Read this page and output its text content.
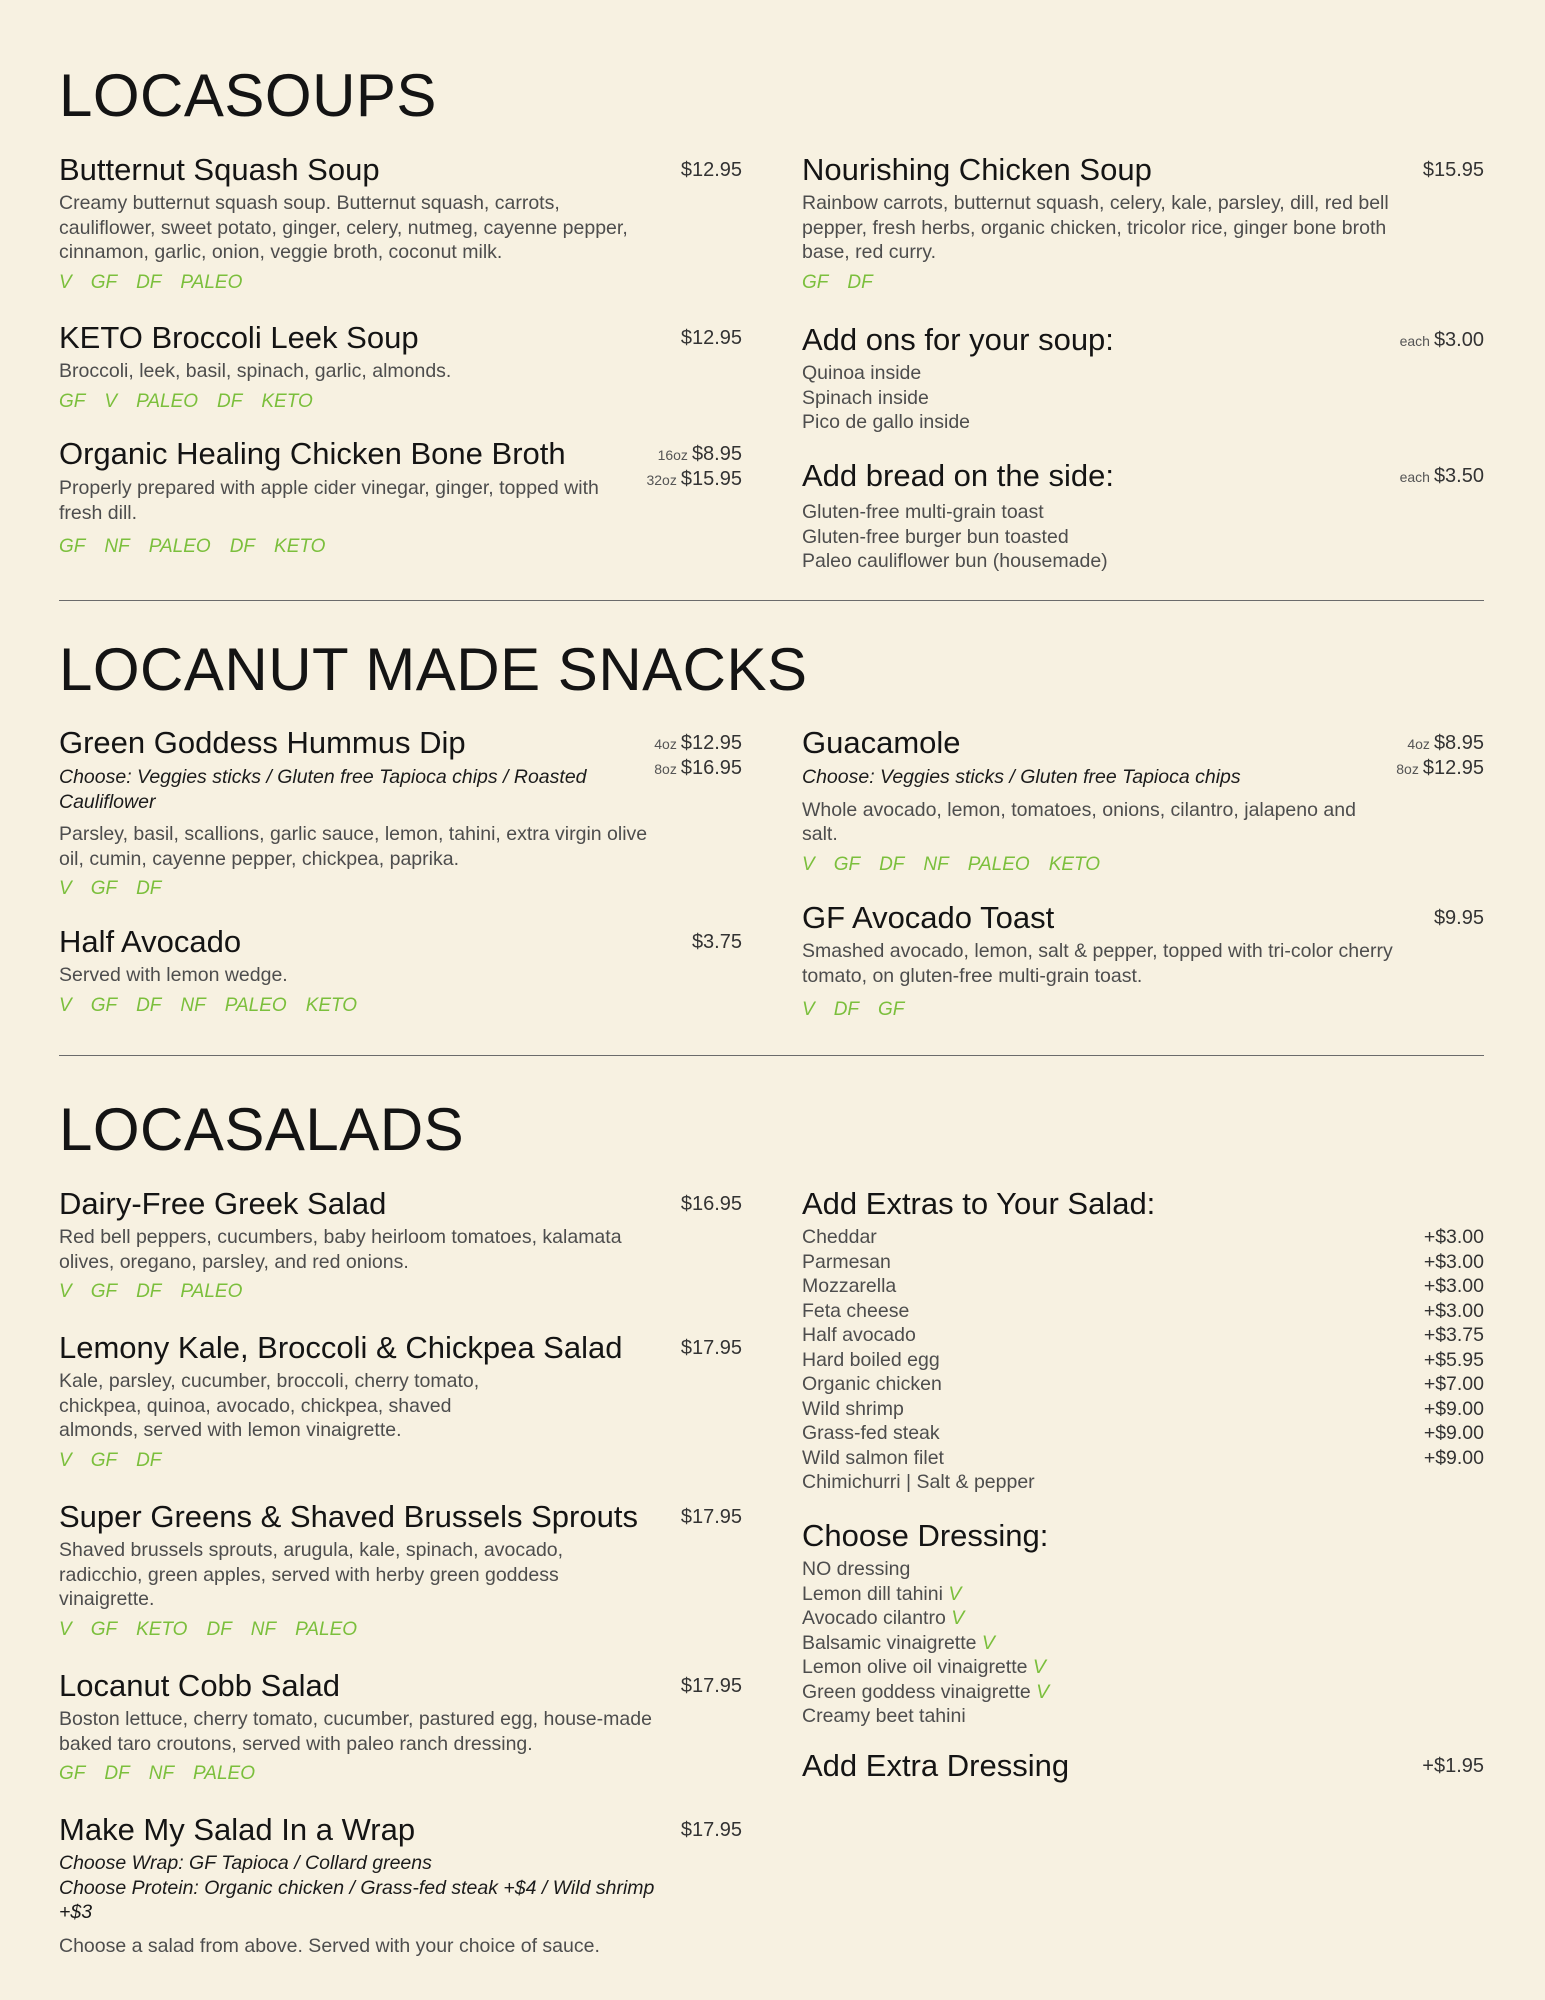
LOCASOUPS
Butternut Squash Soup	$12.95

Creamy butternut squash soup. Butternut squash, carrots, cauliflower, sweet potato, ginger, celery, nutmeg, cayenne pepper, cinnamon, garlic, onion, veggie broth, coconut milk.

V GF DF PALEO
KETO Broccoli Leek Soup	$12.95

Broccoli, leek, basil, spinach, garlic, almonds.

GF V PALEO DF KETO
Organic Healing Chicken Bone Broth	16oz $8.95
32oz $15.95

Properly prepared with apple cider vinegar, ginger, topped with fresh dill.

GF NF PALEO DF KETO
Nourishing Chicken Soup	$15.95

Rainbow carrots, butternut squash, celery, kale, parsley, dill, red bell pepper, fresh herbs, organic chicken, tricolor rice, ginger bone broth base, red curry.

GF DF
Add ons for your soup:	each $3.00
Quinoa inside
Spinach inside
Pico de gallo inside
Add bread on the side:	each $3.50
Gluten-free multi-grain toast
Gluten-free burger bun toasted
Paleo cauliflower bun (housemade)
LOCANUT MADE SNACKS
Green Goddess Hummus Dip	4oz $12.95
8oz $16.95

Choose: Veggies sticks / Gluten free Tapioca chips / Roasted Cauliflower

Parsley, basil, scallions, garlic sauce, lemon, tahini, extra virgin olive oil, cumin, cayenne pepper, chickpea, paprika.

V GF DF
Half Avocado	$3.75

Served with lemon wedge.

V GF DF NF PALEO KETO
Guacamole	4oz $8.95
8oz $12.95

Choose: Veggies sticks / Gluten free Tapioca chips

Whole avocado, lemon, tomatoes, onions, cilantro, jalapeno and salt.

V GF DF NF PALEO KETO
GF Avocado Toast	$9.95

Smashed avocado, lemon, salt & pepper, topped with tri-color cherry tomato, on gluten-free multi-grain toast.

V DF GF
LOCASALADS
Dairy-Free Greek Salad	$16.95

Red bell peppers, cucumbers, baby heirloom tomatoes, kalamata olives, oregano, parsley, and red onions.

V GF DF PALEO
Lemony Kale, Broccoli & Chickpea Salad	$17.95

Kale, parsley, cucumber, broccoli, cherry tomato, chickpea, quinoa, avocado, chickpea, shaved almonds, served with lemon vinaigrette.

V GF DF
Super Greens & Shaved Brussels Sprouts $17.95

Shaved brussels sprouts, arugula, kale, spinach, avocado, radicchio, green apples, served with herby green goddess vinaigrette.

V GF KETO DF NF PALEO
Locanut Cobb Salad	$17.95

Boston lettuce, cherry tomato, cucumber, pastured egg, house-made baked taro croutons, served with paleo ranch dressing.

GF DF NF PALEO
Make My Salad In a Wrap	$17.95

Choose Wrap: GF Tapioca / Collard greens

Choose Protein: Organic chicken / Grass-fed steak +$4 / Wild shrimp +$3

Choose a salad from above. Served with your choice of sauce.

Add Extras to Your Salad:
Cheddar	+$3.00
Parmesan	+$3.00
Mozzarella	+$3.00
Feta cheese	+$3.00
Half avocado	+$3.75
Hard boiled egg	+$5.95
Organic chicken	+$7.00
Wild shrimp	+$9.00
Grass-fed steak	+$9.00
Wild salmon filet	+$9.00
Chimichurri | Salt & pepper
Choose Dressing:
NO dressing
Lemon dill tahini V
Avocado cilantro V
Balsamic vinaigrette V
Lemon olive oil vinaigrette V
Green goddess vinaigrette V
Creamy beet tahini
Add Extra Dressing	+$1.95
